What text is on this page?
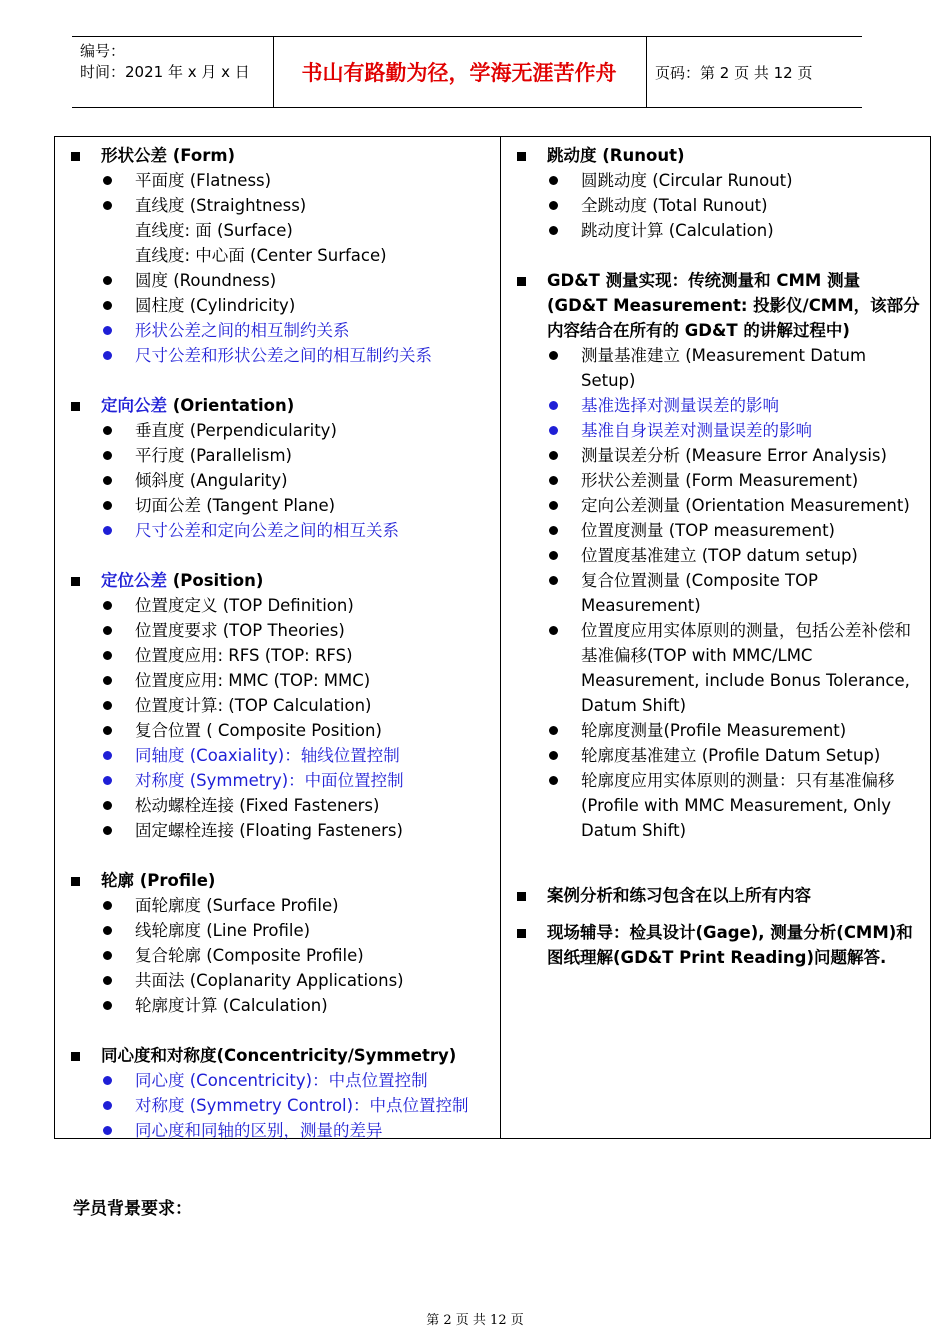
编号：
时间：2021 年 x 月 x 日	书山有路勤为径，学海无涯苦作舟	页码：第 2 页 共 12 页
形状公差 (Form)
平面度 (Flatness)
直线度 (Straightness)
直线度: 面 (Surface)
直线度: 中心面 (Center Surface)
圆度 (Roundness)
圆柱度 (Cylindricity)
形状公差之间的相互制约关系
尺寸公差和形状公差之间的相互制约关系
定向公差 (Orientation)
垂直度 (Perpendicularity)
平行度 (Parallelism)
倾斜度 (Angularity)
切面公差 (Tangent Plane)
尺寸公差和定向公差之间的相互关系
定位公差 (Position)
位置度定义 (TOP Definition)
位置度要求 (TOP Theories)
位置度应用: RFS (TOP: RFS)
位置度应用: MMC (TOP: MMC)
位置度计算: (TOP Calculation)
复合位置 ( Composite Position)
同轴度 (Coaxiality)：轴线位置控制
对称度 (Symmetry)：中面位置控制
松动螺栓连接 (Fixed Fasteners)
固定螺栓连接 (Floating Fasteners)
轮廓 (Profile)
面轮廓度 (Surface Profile)
线轮廓度 (Line Profile)
复合轮廓 (Composite Profile)
共面法 (Coplanarity Applications)
轮廓度计算 (Calculation)
同心度和对称度(Concentricity/Symmetry)
同心度 (Concentricity)：中点位置控制
对称度 (Symmetry Control)：中点位置控制
同心度和同轴的区别，测量的差异
跳动度 (Runout)
圆跳动度 (Circular Runout)
全跳动度 (Total Runout)
跳动度计算 (Calculation)
GD&T 测量实现：传统测量和 CMM 测量 (GD&T Measurement: 投影仪/CMM，该部分内容结合在所有的 GD&T 的讲解过程中)
测量基准建立 (Measurement Datum Setup)
基准选择对测量误差的影响
基准自身误差对测量误差的影响
测量误差分析 (Measure Error Analysis)
形状公差测量 (Form Measurement)
定向公差测量 (Orientation Measurement)
位置度测量 (TOP measurement)
位置度基准建立 (TOP datum setup)
复合位置测量 (Composite TOP Measurement)
位置度应用实体原则的测量，包括公差补偿和基准偏移(TOP with MMC/LMC Measurement, include Bonus Tolerance, Datum Shift)
轮廓度测量(Profile Measurement)
轮廓度基准建立 (Profile Datum Setup)
轮廓度应用实体原则的测量：只有基准偏移 (Profile with MMC Measurement, Only Datum Shift)
案例分析和练习包含在以上所有内容
现场辅导：检具设计(Gage), 测量分析(CMM)和图纸理解(GD&T Print Reading)问题解答.
学员背景要求：
第 2 页 共 12 页
